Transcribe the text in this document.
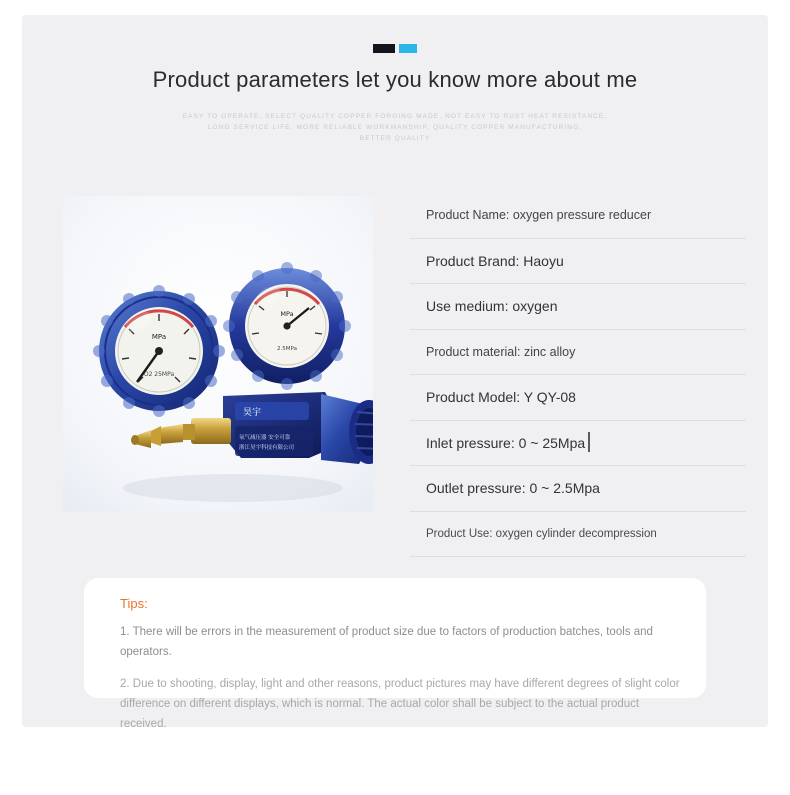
Product parameters let you know more about me
EASY TO OPERATE, SELECT QUALITY COPPER FORGING MADE, NOT EASY TO RUST HEAT RESISTANCE,
LONG SERVICE LIFE, MORE RELIABLE WORKMANSHIP, QUALITY COPPER MANUFACTURING,
BETTER QUALITY
MPa
O2 25MPa
MPa
2.5MPa
昊宇
氧气减压器 安全可靠
浙江昊宇科技有限公司
Product Name: oxygen pressure reducer
Product Brand: Haoyu
Use medium: oxygen
Product material: zinc alloy
Product Model: Y QY-08
Inlet pressure: 0 ~ 25Mpa
Outlet pressure: 0 ~ 2.5Mpa
Product Use: oxygen cylinder decompression
Tips:
1. There will be errors in the measurement of product size due to factors of production batches, tools and operators.
2. Due to shooting, display, light and other reasons, product pictures may have different degrees of slight color
difference on different displays, which is normal. The actual color shall be subject to the actual product received.
